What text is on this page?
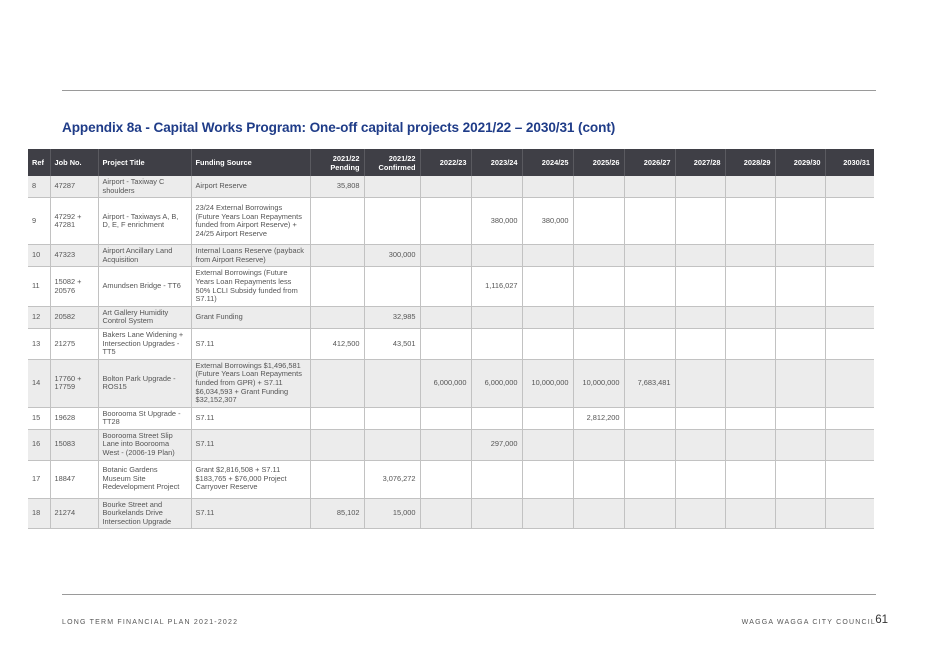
Appendix 8a - Capital Works Program: One-off capital projects 2021/22 – 2030/31 (cont)
Ref	Job No.	Project Title	Funding Source	2021/22 Pending	2021/22 Confirmed	2022/23	2023/24	2024/25	2025/26	2026/27	2027/28	2028/29	2029/30	2030/31
8	47287	Airport - Taxiway C shoulders	Airport Reserve	35,808										
9	47292 + 47281	Airport - Taxiways A, B, D, E, F enrichment	23/24 External Borrowings (Future Years Loan Repayments funded from Airport Reserve) + 24/25 Airport Reserve				380,000	380,000						
10	47323	Airport Ancillary Land Acquisition	Internal Loans Reserve (payback from Airport Reserve)		300,000									
11	15082 + 20576	Amundsen Bridge - TT6	External Borrowings (Future Years Loan Repayments less 50% LCLI Subsidy funded from S7.11)				1,116,027							
12	20582	Art Gallery Humidity Control System	Grant Funding		32,985									
13	21275	Bakers Lane Widening + Intersection Upgrades - TT5	S7.11	412,500	43,501									
14	17760 + 17759	Bolton Park Upgrade - ROS15	External Borrowings $1,496,581 (Future Years Loan Repayments funded from GPR) + S7.11 $6,034,593 + Grant Funding $32,152,307			6,000,000	6,000,000	10,000,000	10,000,000	7,683,481				
15	19628	Boorooma St Upgrade - TT28	S7.11						2,812,200					
16	15083	Boorooma Street Slip Lane into Boorooma West - (2006-19 Plan)	S7.11				297,000							
17	18847	Botanic Gardens Museum Site Redevelopment Project	Grant $2,816,508 + S7.11 $183,765 + $76,000 Project Carryover Reserve		3,076,272									
18	21274	Bourke Street and Bourkelands Drive Intersection Upgrade	S7.11	85,102	15,000									
LONG TERM FINANCIAL PLAN 2021-2022	WAGGA WAGGA CITY COUNCIL 61
